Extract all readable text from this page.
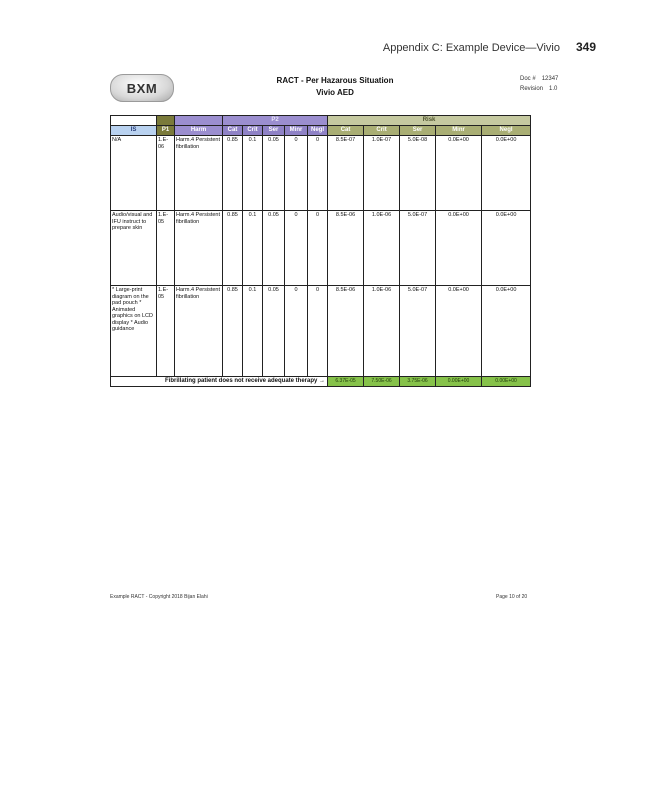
Appendix C: Example Device—Vivio 349
BXM	RACT - Per Hazarous Situation
Vivio AED
Doc # 12347
Revision 1.0
			P2					Risk				
IS	P1	Harm	Cat	Crit	Ser	Minr	Negl	Cat	Crit	Ser	Minr	Negl
N/A	1.E-06	Harm.4 Persistent fibrillation	0.85	0.1	0.05	0	0	8.5E-07	1.0E-07	5.0E-08	0.0E+00	0.0E+00
Audio/visual and IFU instruct to prepare skin	1.E-05	Harm.4 Persistent fibrillation	0.85	0.1	0.05	0	0	8.5E-06	1.0E-06	5.0E-07	0.0E+00	0.0E+00
* Large-print diagram on the pad pouch * Animated graphics on LCD display * Audio guidance	1.E-05	Harm.4 Persistent fibrillation	0.85	0.1	0.05	0	0	8.5E-06	1.0E-06	5.0E-07	0.0E+00	0.0E+00
Fibrillating patient does not receive adequate therapy →								6.37E-05	7.50E-06	3.75E-06	0.00E+00	0.00E+00
Example RACT - Copyright 2018 Bijan Elahi	Page 10 of 20
